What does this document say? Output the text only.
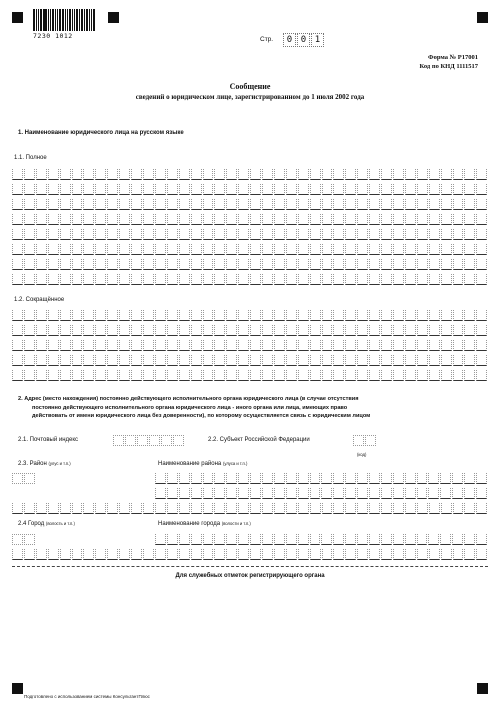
7230 1012	Стр.	0 0 1
Форма № Р17001
Код по КНД 1111517
Сообщение
сведений о юридическом лице, зарегистрированном до 1 июля 2002 года
1. Наименование юридического лица на русском языке
1.1. Полное
1.2. Сокращённое
2. Адрес (место нахождения) постоянно действующего исполнительного органа юридического лица (в случае отсутствия
постоянно действующего исполнительного органа юридического лица - иного органа или лица, имеющих право
действовать от имени юридического лица без доверенности), по которому осуществляется связь с юридическим лицом
2.1. Почтовый индекс	2.2. Субъект Российской Федерации
(код)
2.3. Район (улус и т.п.)	Наименование района (улуса и т.п.)
2.4 Город (волость и т.п.)	Наименование города (волости и т.п.)
Для служебных отметок регистрирующего органа
Подготовлено с использованием системы КонсультантПлюс
